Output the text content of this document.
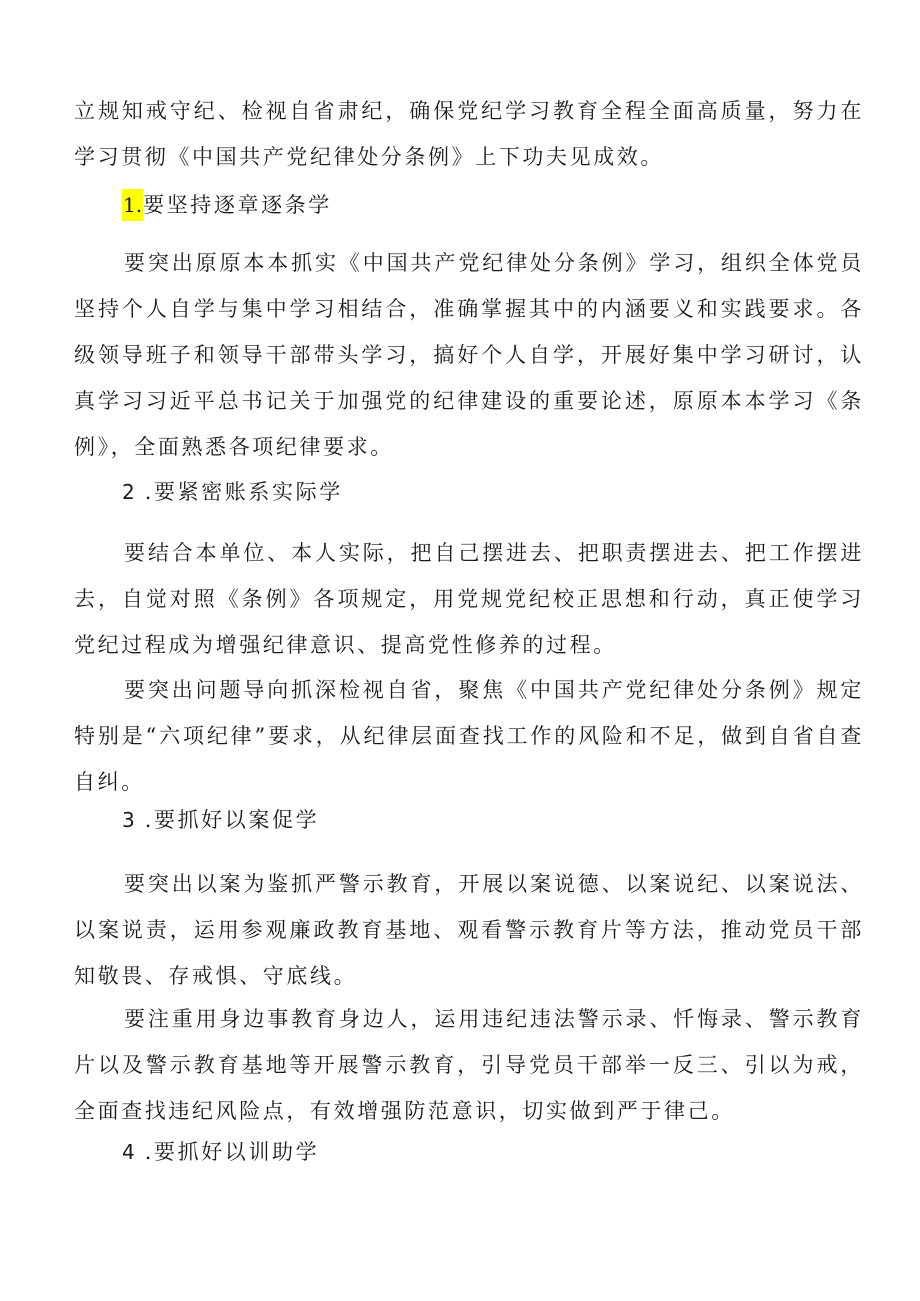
立规知戒守纪、检视自省肃纪，确保党纪学习教育全程全面高质量，努力在学习贯彻《中国共产党纪律处分条例》上下功夫见成效。

1.要坚持逐章逐条学

要突出原原本本抓实《中国共产党纪律处分条例》学习，组织全体党员坚持个人自学与集中学习相结合，准确掌握其中的内涵要义和实践要求。各级领导班子和领导干部带头学习，搞好个人自学，开展好集中学习研讨，认真学习习近平总书记关于加强党的纪律建设的重要论述，原原本本学习《条例》，全面熟悉各项纪律要求。

2 .要紧密账系实际学

要结合本单位、本人实际，把自己摆进去、把职责摆进去、把工作摆进去，自觉对照《条例》各项规定，用党规党纪校正思想和行动，真正使学习党纪过程成为增强纪律意识、提高党性修养的过程。

要突出问题导向抓深检视自省，聚焦《中国共产党纪律处分条例》规定特别是“六项纪律”要求，从纪律层面查找工作的风险和不足，做到自省自查自纠。

3 .要抓好以案促学

要突出以案为鉴抓严警示教育，开展以案说德、以案说纪、以案说法、以案说责，运用参观廉政教育基地、观看警示教育片等方法，推动党员干部知敬畏、存戒惧、守底线。

要注重用身边事教育身边人，运用违纪违法警示录、忏悔录、警示教育片以及警示教育基地等开展警示教育，引导党员干部举一反三、引以为戒，全面查找违纪风险点，有效增强防范意识，切实做到严于律己。

4 .要抓好以训助学
